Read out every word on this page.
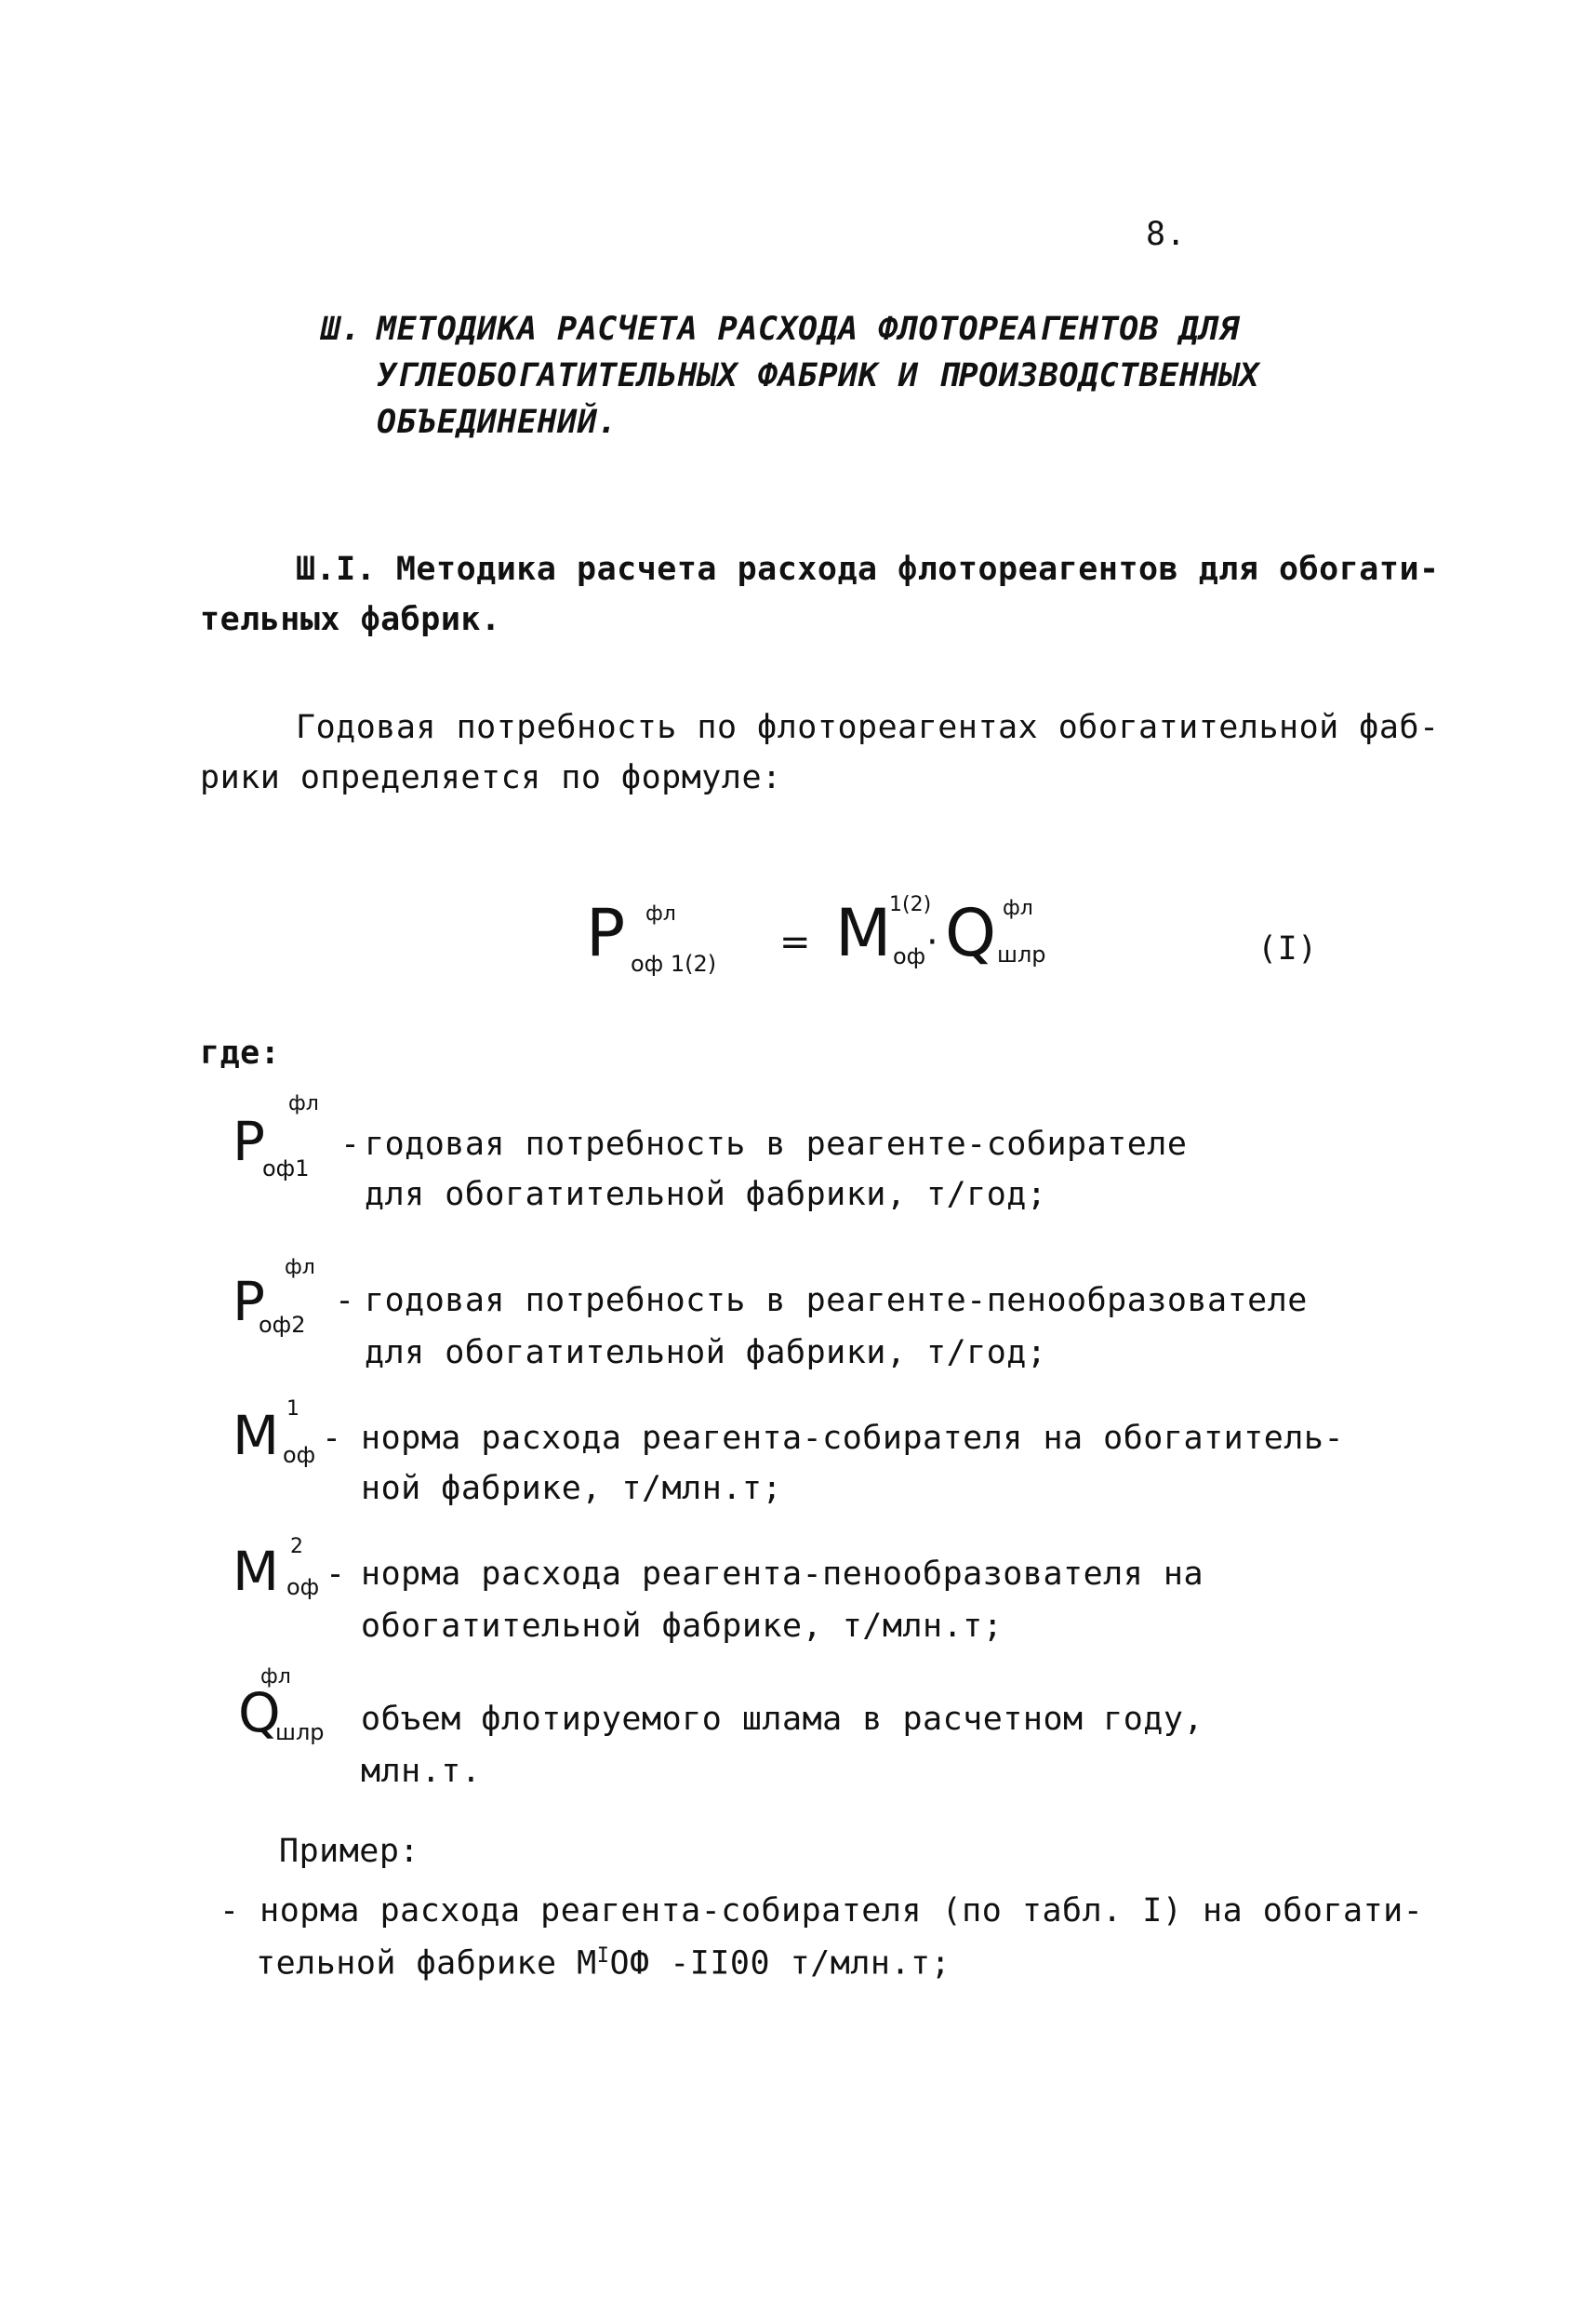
8.
Ш. МЕТОДИКА РАСЧЕТА РАСХОДА ФЛОТОРЕАГЕНТОВ ДЛЯ
УГЛЕОБОГАТИТЕЛЬНЫХ ФАБРИК И ПРОИЗВОДСТВЕННЫХ
ОБЪЕДИНЕНИЙ.
Ш.I. Методика расчета расхода флотореагентов для обогати-
тельных фабрик.
Годовая потребность по флотореагентах обогатительной фаб-
рики определяется по формуле:
P фл
оф 1(2) = M
1(2)
оф · Q фл
шлр	(I)
где:
P
фл
оф1
- годовая потребность в реагенте-собирателе
для обогатительной фабрики, т/год;
P
фл
оф2
- годовая потребность в реагенте-пенообразователе
для обогатительной фабрики, т/год;
M 1
оф - норма расхода реагента-собирателя на обогатитель-
ной фабрике, т/млн.т;
M 2
оф - норма расхода реагента-пенообразователя на
обогатительной фабрике, т/млн.т;
Q
фл
шлр объем флотируемого шлама в расчетном году,
млн.т.
Пример:
- норма расхода реагента-собирателя (по табл. I) на обогати-
тельной фабрике $М^IОФ$ -II00 т/млн.т;
